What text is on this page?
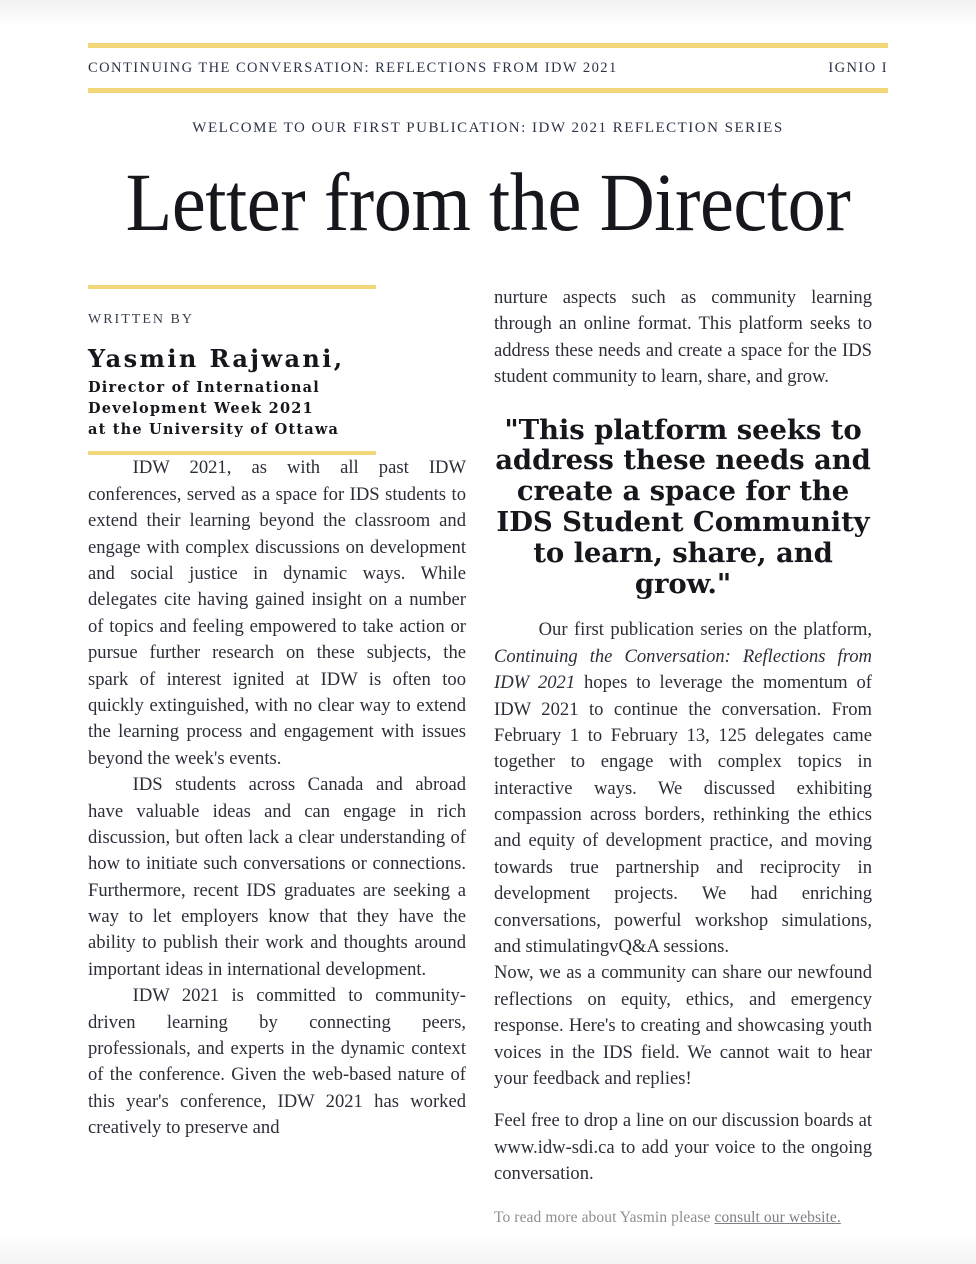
CONTINUING THE CONVERSATION: REFLECTIONS FROM IDW 2021	IGNIO I
WELCOME TO OUR FIRST PUBLICATION: IDW 2021 REFLECTION SERIES
Letter from the Director
WRITTEN BY
Yasmin Rajwani,
Director of International
Development Week 2021
at the University of Ottawa

IDW 2021, as with all past IDW conferences, served as a space for IDS students to extend their learning beyond the classroom and engage with complex discussions on development and social justice in dynamic ways. While delegates cite having gained insight on a number of topics and feeling empowered to take action or pursue further research on these subjects, the spark of interest ignited at IDW is often too quickly extinguished, with no clear way to extend the learning process and engagement with issues beyond the week's events.

IDS students across Canada and abroad have valuable ideas and can engage in rich discussion, but often lack a clear understanding of how to initiate such conversations or connections. Furthermore, recent IDS graduates are seeking a way to let employers know that they have the ability to publish their work and thoughts around important ideas in international development.

IDW 2021 is committed to community-driven learning by connecting peers, professionals, and experts in the dynamic context of the conference. Given the web-based nature of this year's conference, IDW 2021 has worked creatively to preserve and

nurture aspects such as community learning through an online format. This platform seeks to address these needs and create a space for the IDS student community to learn, share, and grow.

"This platform seeks to address these needs and create a space for the IDS Student Community to learn, share, and grow."

Our first publication series on the platform, Continuing the Conversation: Reflections from IDW 2021 hopes to leverage the momentum of IDW 2021 to continue the conversation. From February 1 to February 13, 125 delegates came together to engage with complex topics in interactive ways. We discussed exhibiting compassion across borders, rethinking the ethics and equity of development practice, and moving towards true partnership and reciprocity in development projects. We had enriching conversations, powerful workshop simulations, and stimulatingvQ&A sessions.

Now, we as a community can share our newfound reflections on equity, ethics, and emergency response. Here's to creating and showcasing youth voices in the IDS field. We cannot wait to hear your feedback and replies!

Feel free to drop a line on our discussion boards at www.idw-sdi.ca to add your voice to the ongoing conversation.

To read more about Yasmin please consult our website.
